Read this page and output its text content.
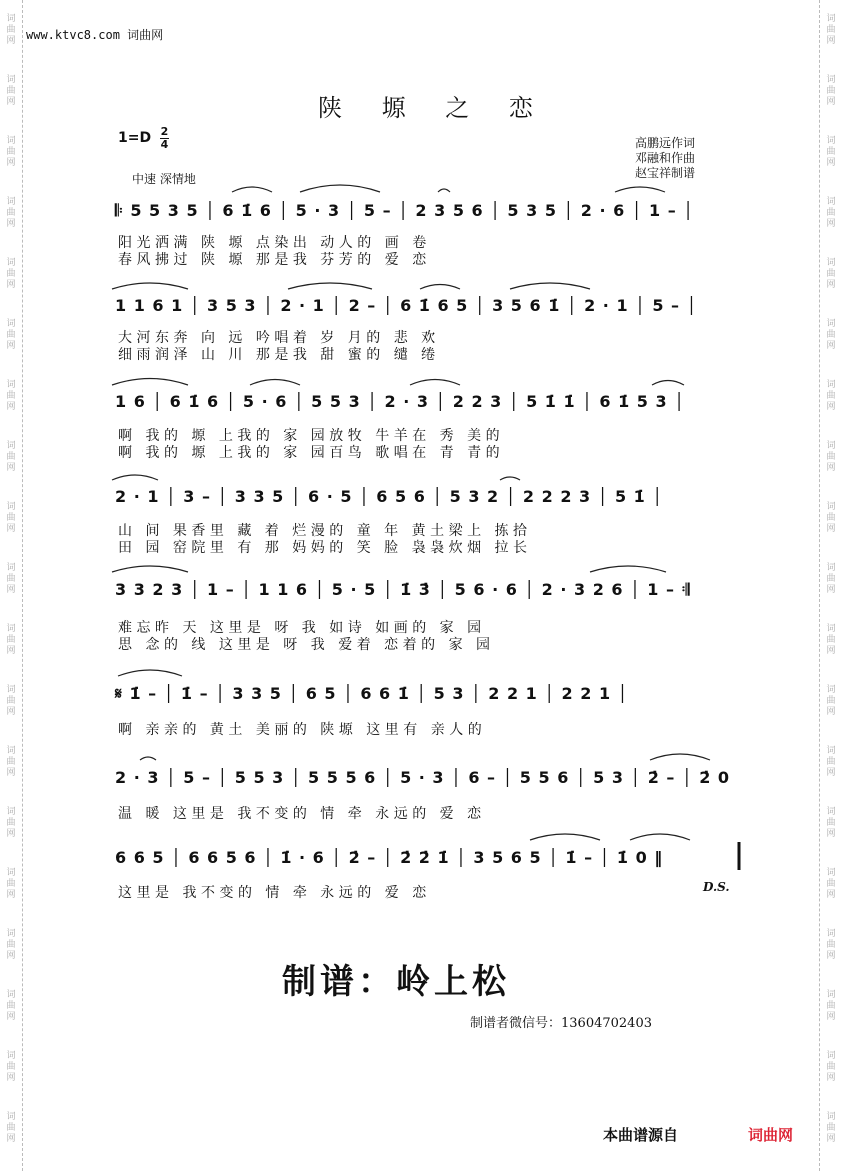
词
曲
网
词
曲
网
词
曲
网
词
曲
网
词
曲
网
词
曲
网
词
曲
网
词
曲
网
词
曲
网
词
曲
网
词
曲
网
词
曲
网
词
曲
网
词
曲
网
词
曲
网
词
曲
网
词
曲
网
词
曲
网
词
曲
网
词
曲
网
词
曲
网
词
曲
网
词
曲
网
词
曲
网
词
曲
网
词
曲
网
词
曲
网
词
曲
网
词
曲
网
词
曲
网
词
曲
网
词
曲
网
词
曲
网
词
曲
网
词
曲
网
词
曲
网
词
曲
网
词
曲
网
www.ktvc8.com 词曲网
陕 塬 之 恋
1=D 2
4
中速 深情地
高鹏远作词
邓融和作曲
赵宝祥制谱
𝄆 5 5 3 5 │ 6 1̇ 6 │ 5 · 3 │ 5 – │ 2 3 5 6 │ 5 3 5 │ 2 · 6 │ 1 – │
阳光洒满 陕 塬 点染出 动人的 画 卷
春风拂过 陕 塬 那是我 芬芳的 爱 恋
1 1 6 1 │ 3 5 3 │ 2 · 1 │ 2 – │ 6 1̇ 6 5 │ 3 5 6 1̇ │ 2 · 1 │ 5 – │
大河东奔 向 远 吟唱着 岁 月的 悲 欢
细雨润泽 山 川 那是我 甜 蜜的 缱 绻
1 6 │ 6 1̇ 6 │ 5 · 6 │ 5 5 3 │ 2 · 3 │ 2 2 3 │ 5 1̇ 1̇ │ 6 1̇ 5 3 │
啊 我的 塬 上我的 家 园放牧 牛羊在 秀 美的
啊 我的 塬 上我的 家 园百鸟 歌唱在 青 青的
2 · 1 │ 3 – │ 3 3 5 │ 6 · 5 │ 6 5 6 │ 5 3 2 │ 2 2 2 3 │ 5 1̇ │
山 间 果香里 藏 着 烂漫的 童 年 黄土梁上 拣拾
田 园 窑院里 有 那 妈妈的 笑 脸 袅袅炊烟 拉长
3 3 2 3 │ 1 – │ 1 1 6 │ 5 · 5 │ 1̇ 3̇ │ 5 6 · 6 │ 2 · 3 2 6 │ 1 – 𝄇
难忘昨 天 这里是 呀 我 如诗 如画的 家 园
思 念的 线 这里是 呀 我 爱着 恋着的 家 园
𝄋 1̇ – │ 1̇ – │ 3 3 5 │ 6 5 │ 6 6 1̇ │ 5 3 │ 2 2 1 │ 2 2 1 │
啊 亲亲的 黄土 美丽的 陕塬 这里有 亲人的
2 · 3 │ 5 – │ 5 5 3 │ 5 5 5 6 │ 5 · 3 │ 6 – │ 5 5 6 │ 5 3 │ 2̇ – │ 2̇ 0
温 暖 这里是 我不变的 情 牵 永远的 爱 恋
6 6 5 │ 6 6 5 6 │ 1̇ · 6 │ 2̇ – │ 2̇ 2̇ 1̇ │ 3 5 6 5 │ 1̇ – │ 1̇ 0 ‖
这里是 我不变的 情 牵 永远的 爱 恋	D.S.
制谱：岭上松
制谱者微信号：13604702403
本曲谱源自	词曲网
